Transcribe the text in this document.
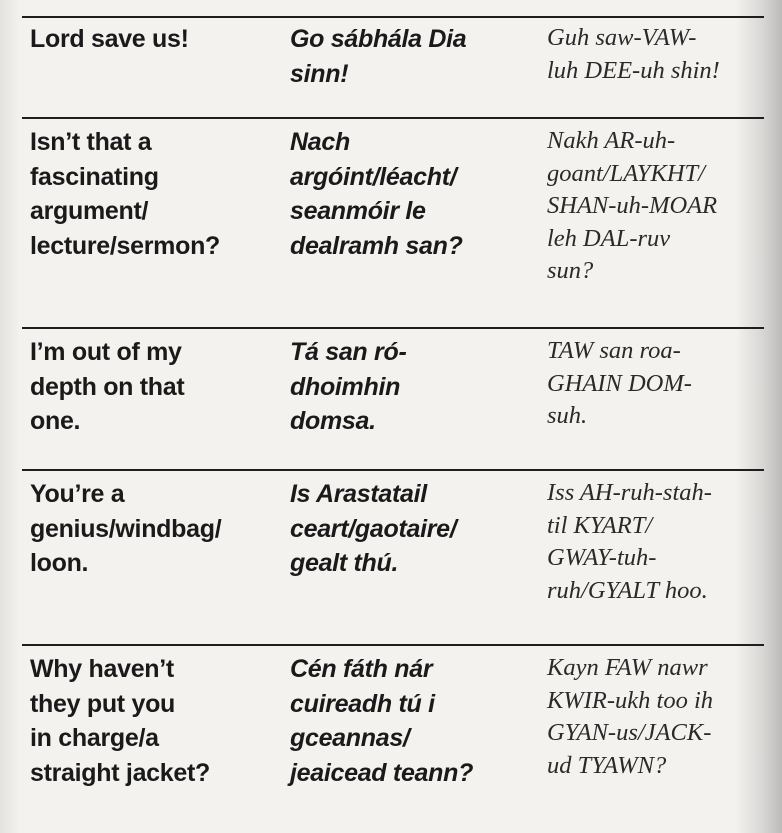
Lord save us!	Go sábhála Dia
sinn!
Guh saw-VAW-
luh DEE-uh shin!
Isn’t that a
fascinating
argument/
lecture/sermon?
Nach
argóint/léacht/
seanmóir le
dealramh san?
Nakh AR-uh-
goant/LAYKHT/
SHAN-uh-MOAR
leh DAL-ruv
sun?
I’m out of my
depth on that
one.
Tá san ró-
dhoimhin
domsa.
TAW san roa-
GHAIN DOM-
suh.
You’re a
genius/windbag/
loon.
Is Arastatail
ceart/gaotaire/
gealt thú.
Iss AH-ruh-stah-
til KYART/
GWAY-tuh-
ruh/GYALT hoo.
Why haven’t
they put you
in charge/a
straight jacket?
Cén fáth nár
cuireadh tú i
gceannas/
jeaicead teann?
Kayn FAW nawr
KWIR-ukh too ih
GYAN-us/JACK-
ud TYAWN?
